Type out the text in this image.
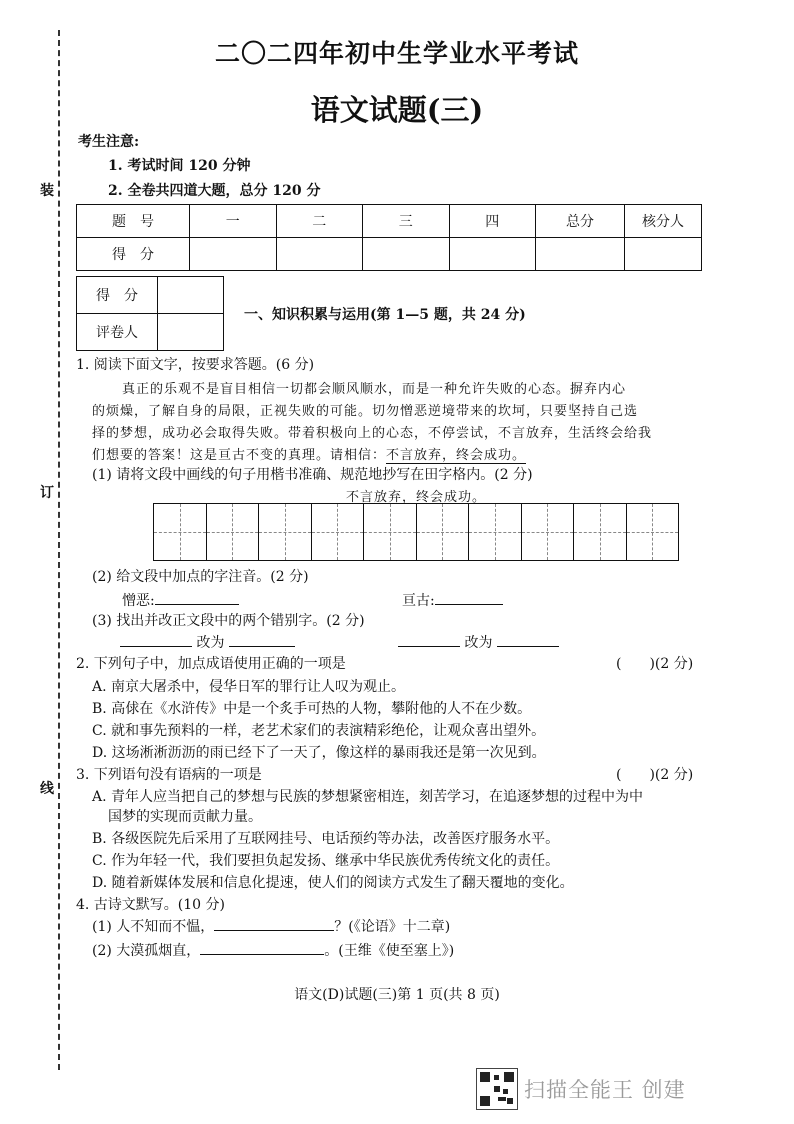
装
订
线
二〇二四年初中生学业水平考试
语文试题(三)
考生注意:
1. 考试时间 120 分钟
2. 全卷共四道大题，总分 120 分
题　号	一	二	三	四	总分	核分人
得　分						
得　分	
评卷人	
一、知识积累与运用(第 1—5 题，共 24 分)
1. 阅读下面文字，按要求答题。(6 分)
真正的乐观不是盲目相信一切都会顺风顺水，而是一种允许失败的心态。摒弃内心
的烦燥，了解自身的局限，正视失败的可能。切勿憎恶逆境带来的坎坷，只要坚持自己选
择的梦想，成功必会取得失败。带着积极向上的心态，不停尝试，不言放弃，生活终会给我
们想要的答案！这是亘古不变的真理。请相信：不言放弃，终会成功。
(1) 请将文段中画线的句子用楷书准确、规范地抄写在田字格内。(2 分)
不言放弃，终会成功。
(2) 给文段中加点的字注音。(2 分)
憎恶:	亘古:
(3) 找出并改正文段中的两个错别字。(2 分)
改为	改为
2. 下列句子中，加点成语使用正确的一项是	(　　)(2 分)
A. 南京大屠杀中，侵华日军的罪行让人叹为观止。
B. 高俅在《水浒传》中是一个炙手可热的人物，攀附他的人不在少数。
C. 就和事先预料的一样，老艺术家们的表演精彩绝伦，让观众喜出望外。
D. 这场淅淅沥沥的雨已经下了一天了，像这样的暴雨我还是第一次见到。
3. 下列语句没有语病的一项是	(　　)(2 分)
A. 青年人应当把自己的梦想与民族的梦想紧密相连，刻苦学习，在追逐梦想的过程中为中
国梦的实现而贡献力量。
B. 各级医院先后采用了互联网挂号、电话预约等办法，改善医疗服务水平。
C. 作为年轻一代，我们要担负起发扬、继承中华民族优秀传统文化的责任。
D. 随着新媒体发展和信息化提速，使人们的阅读方式发生了翻天覆地的变化。
4. 古诗文默写。(10 分)
(1) 人不知而不愠，	？(《论语》十二章)
(2) 大漠孤烟直，	。(王维《使至塞上》)
语文(D)试题(三)第 1 页(共 8 页)
扫描全能王 创建
